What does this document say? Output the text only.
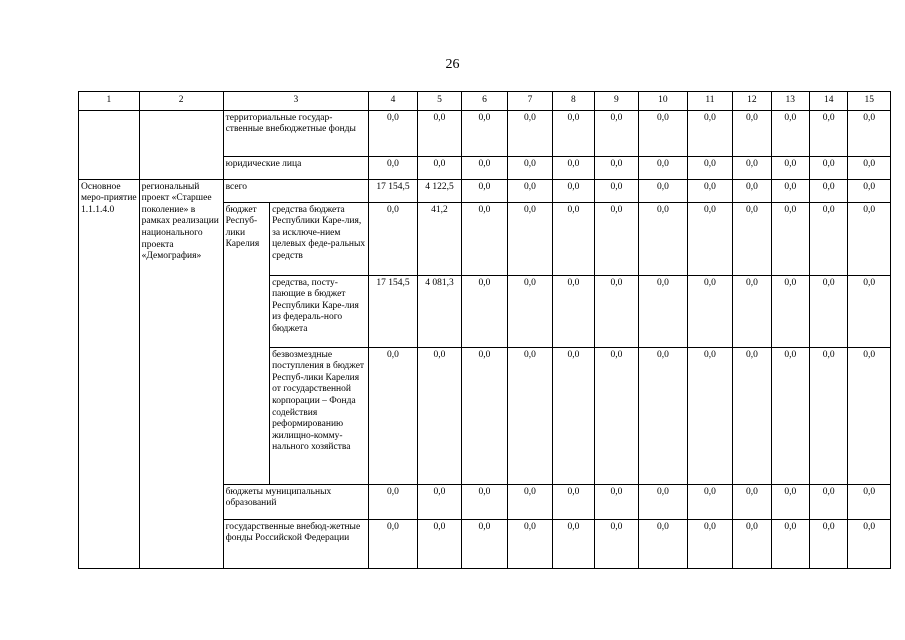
26
1	2	3		4	5	6	7	8	9	10	11	12	13	14	15
		территориальные государ-ственные внебюджетные фонды		0,0	0,0	0,0	0,0	0,0	0,0	0,0	0,0	0,0	0,0	0,0	0,0
		юридические лица		0,0	0,0	0,0	0,0	0,0	0,0	0,0	0,0	0,0	0,0	0,0	0,0
Основное меро-приятие 1.1.1.4.0	региональный проект «Старшее поколение» в рамках реализации национального проекта «Демография»	всего		17 154,5	4 122,5	0,0	0,0	0,0	0,0	0,0	0,0	0,0	0,0	0,0	0,0
		бюджет Респуб-лики Карелия	средства бюджета Республики Каре-лия, за исключе-нием целевых феде-ральных средств	0,0	41,2	0,0	0,0	0,0	0,0	0,0	0,0	0,0	0,0	0,0	0,0
			средства, посту-пающие в бюджет Республики Каре-лия из федераль-ного бюджета	17 154,5	4 081,3	0,0	0,0	0,0	0,0	0,0	0,0	0,0	0,0	0,0	0,0
			безвозмездные поступления в бюджет Респуб-лики Карелия от государственной корпорации – Фонда содействия реформированию жилищно-комму-нального хозяйства	0,0	0,0	0,0	0,0	0,0	0,0	0,0	0,0	0,0	0,0	0,0	0,0
		бюджеты муниципальных образований		0,0	0,0	0,0	0,0	0,0	0,0	0,0	0,0	0,0	0,0	0,0	0,0
		государственные внебюд-жетные фонды Российской Федерации		0,0	0,0	0,0	0,0	0,0	0,0	0,0	0,0	0,0	0,0	0,0	0,0
